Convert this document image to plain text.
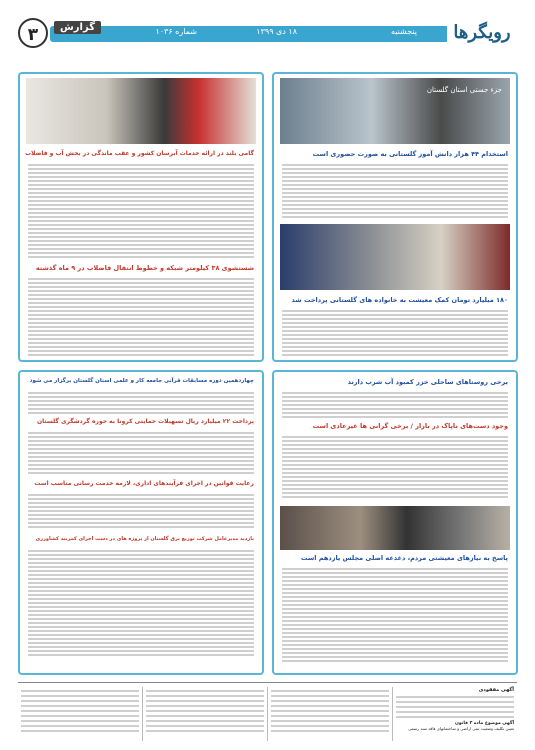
پنجشنبه
۱۸ دی ۱۳۹۹
شماره ۱۰۳۶	رویگرها
گزارش
۳
جزء جستی استان گلستان
استخدام ۴۴ هزار دانش آموز گلستانی به صورت حضوری است
۱۸۰ میلیارد تومان کمک معیشت به خانواده های گلستانی پرداخت شد
گامی بلند در ارائه خدمات آبرسان کشور و عقب ماندگی در بخش آب و فاضلاب
شستشوی ۳۸ کیلومتر شبکه و خطوط انتقال فاضلاب در ۹ ماه گذشته
برخی روستاهای ساحلی خزر کمبود آب شرب دارند
وجود دست‌های ناپاک در بازار / برخی گرانی ها غیرعادی است
پاسخ به نیازهای معیشتی مردم، دغدغه اصلی مجلس یازدهم است
چهاردهمین دوره مسابقات قرآنی جامعه کار و علمی استان گلستان برگزار می شود
پرداخت ۲۲ میلیارد ریال تسهیلات حمایتی کرونا به حوزه گردشگری گلستان
رعایت قوانین در اجرای فرآیندهای اداری، لازمه خدمت رسانی مناسب است
بازدید مدیرعامل شرکت توزیع برق گلستان از پروژه های در دست اجرای کمربند کشاورزی
آگهی مفقودی
آگهی موضوع ماده ۳ قانون
تعیین تکلیف وضعیت ثبتی اراضی و ساختمانهای فاقد سند رسمی
